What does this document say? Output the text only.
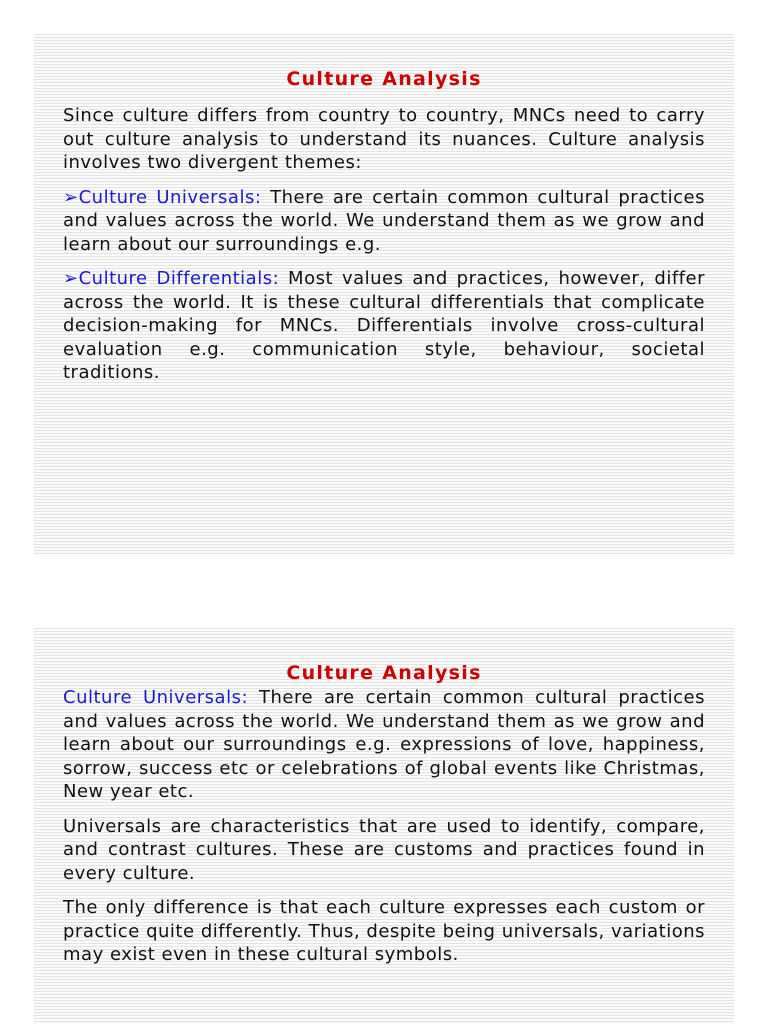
Culture Analysis

Since culture differs from country to country, MNCs need to carry out culture analysis to understand its nuances. Culture analysis involves two divergent themes:

➢Culture Universals: There are certain common cultural practices and values across the world. We understand them as we grow and learn about our surroundings e.g.

➢Culture Differentials: Most values and practices, however, differ across the world. It is these cultural differentials that complicate decision-making for MNCs. Differentials involve cross-cultural evaluation e.g. communication style, behaviour, societal traditions.

Culture Analysis

Culture Universals: There are certain common cultural practices and values across the world. We understand them as we grow and learn about our surroundings e.g. expressions of love, happiness, sorrow, success etc or celebrations of global events like Christmas, New year etc.

Universals are characteristics that are used to identify, compare, and contrast cultures. These are customs and practices found in every culture.

The only difference is that each culture expresses each custom or practice quite differently. Thus, despite being universals, variations may exist even in these cultural symbols.
